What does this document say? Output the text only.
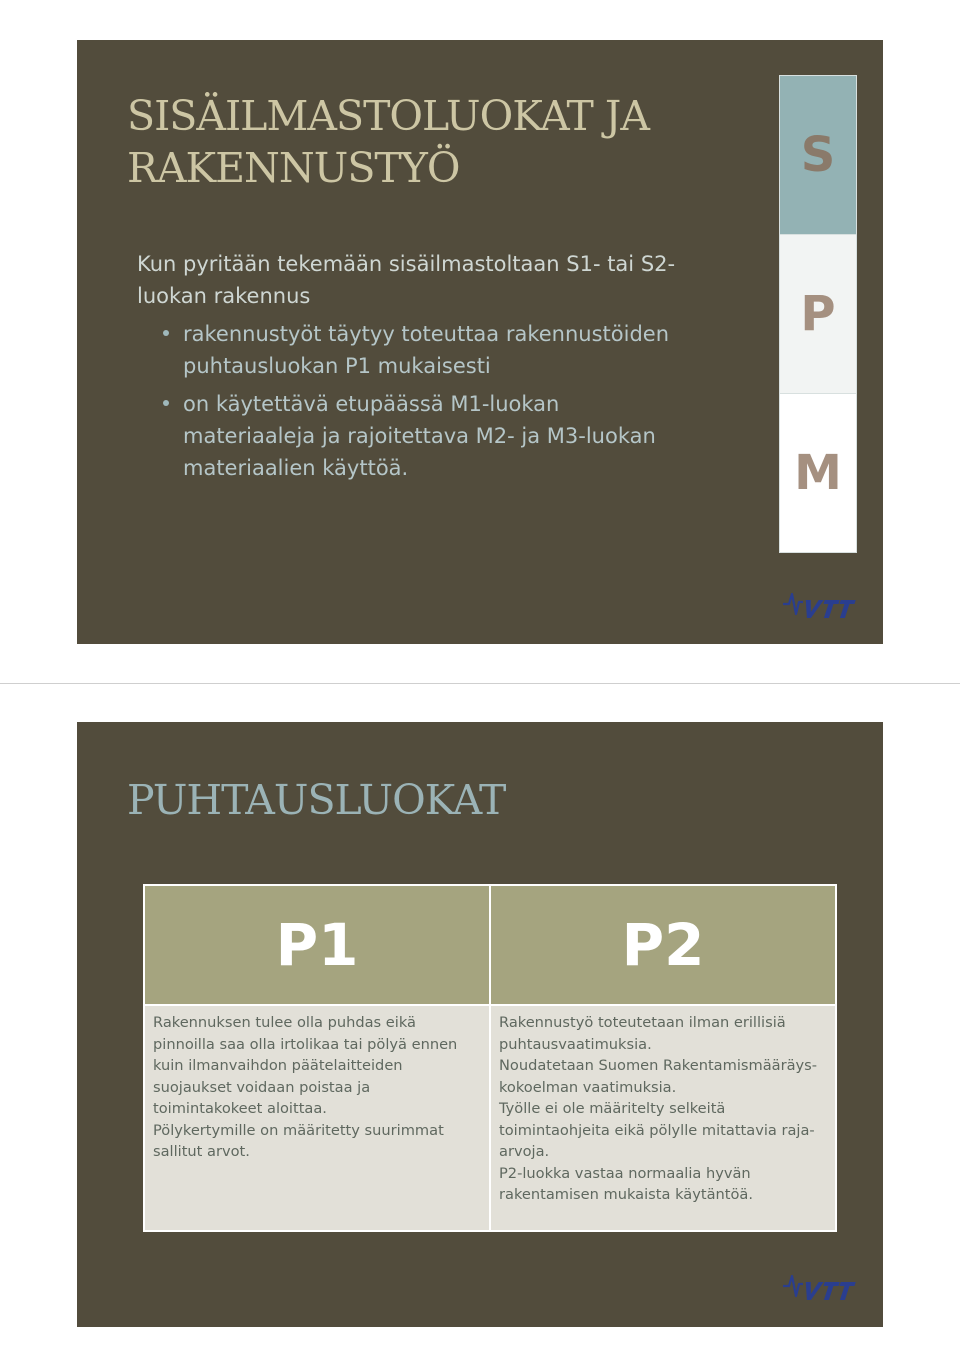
SISÄILMASTOLUOKAT JA
RAKENNUSTYÖ
Kun pyritään tekemään sisäilmastoltaan S1- tai S2-luokan rakennus
rakennustyöt täytyy toteuttaa rakennustöiden puhtausluokan P1 mukaisesti
on käytettävä etupäässä M1-luokan materiaaleja ja rajoitettava M2- ja M3-luokan materiaalien käyttöä.
S
P
M
PUHTAUSLUOKAT
P1

Rakennuksen tulee olla puhdas eikä pinnoilla saa olla irtolikaa tai pölyä ennen kuin ilmanvaihdon päätelaitteiden suojaukset voidaan poistaa ja toimintakokeet aloittaa.

Pölykertymille on määritetty suurimmat sallitut arvot.

P2

Rakennustyö toteutetaan ilman erillisiä puhtausvaatimuksia.

Noudatetaan Suomen Rakentamismääräys-kokoelman vaatimuksia.

Työlle ei ole määritelty selkeitä toimintaohjeita eikä pölylle mitattavia raja-arvoja.

P2-luokka vastaa normaalia hyvän rakentamisen mukaista käytäntöä.
